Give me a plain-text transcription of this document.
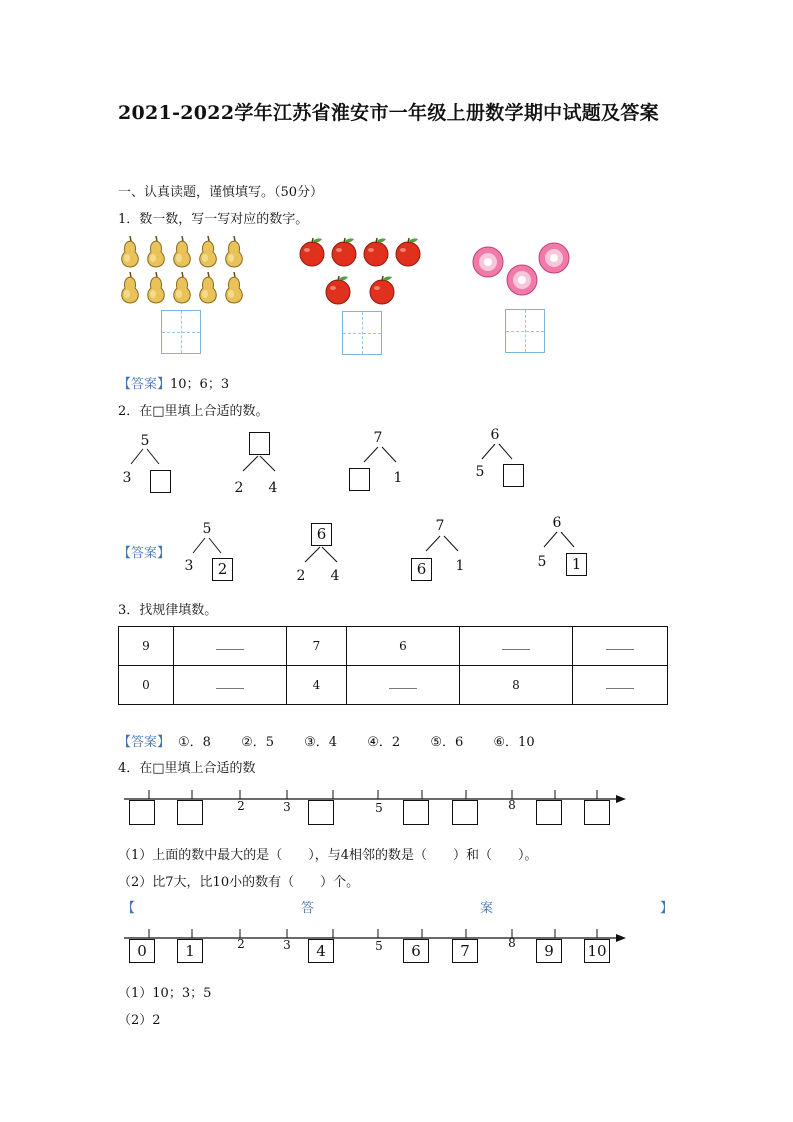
2021-2022学年江苏省淮安市一年级上册数学期中试题及答案
一、认真读题，谨慎填写。（50分）
1．数一数，写一写对应的数字。
【答案】10；6；3
2．在□里填上合适的数。
5
3
2 4
7
1
6
5
【答案】
5
3	2
6
2 4
7
6	1
6
5	1
3．找规律填数。
9		7	6		
0		4		8	
【答案】 ①．8 ②．5 ③．4 ④．2 ⑤．6 ⑥．10
4．在□里填上合适的数
2	3	5	8
（1）上面的数中最大的是（　　），与4相邻的数是（　　）和（　　）。
（2）比7大，比10小的数有（　　）个。
【	答	案	】
2	3	5	8
0	1	4	6	7	9	10
（1）10；3；5
（2）2
